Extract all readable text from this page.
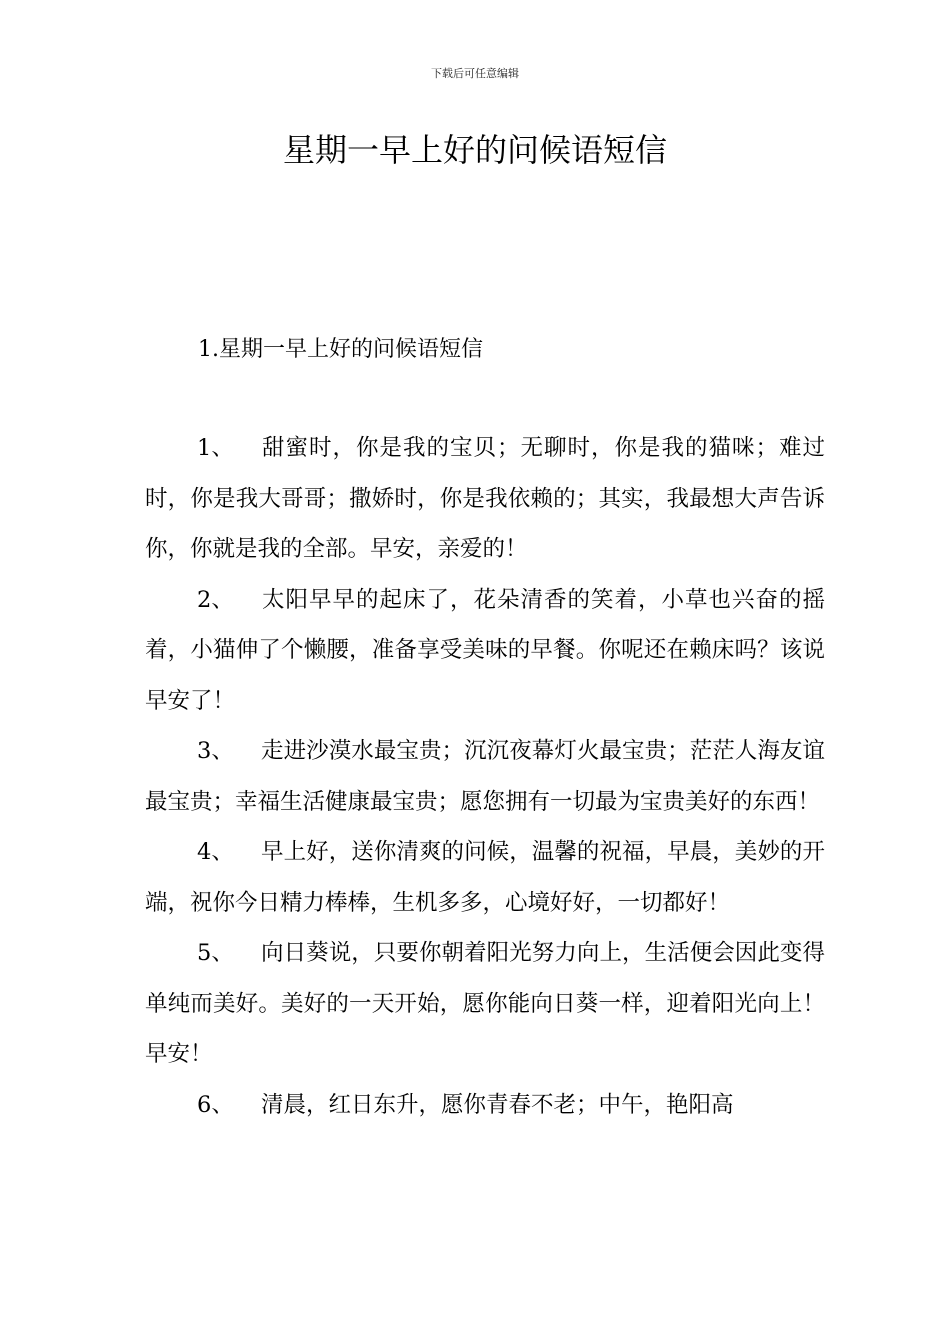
下载后可任意编辑
星期一早上好的问候语短信
1.星期一早上好的问候语短信

1、 甜蜜时，你是我的宝贝；无聊时，你是我的猫咪；难过时，你是我大哥哥；撒娇时，你是我依赖的；其实，我最想大声告诉你，你就是我的全部。早安，亲爱的！

2、 太阳早早的起床了，花朵清香的笑着，小草也兴奋的摇着，小猫伸了个懒腰，准备享受美味的早餐。你呢还在赖床吗？该说早安了！

3、 走进沙漠水最宝贵；沉沉夜幕灯火最宝贵；茫茫人海友谊最宝贵；幸福生活健康最宝贵；愿您拥有一切最为宝贵美好的东西！

4、 早上好，送你清爽的问候，温馨的祝福，早晨，美妙的开端，祝你今日精力棒棒，生机多多，心境好好，一切都好！

5、 向日葵说，只要你朝着阳光努力向上，生活便会因此变得单纯而美好。美好的一天开始，愿你能向日葵一样，迎着阳光向上！早安！

6、 清晨，红日东升，愿你青春不老；中午，艳阳高
